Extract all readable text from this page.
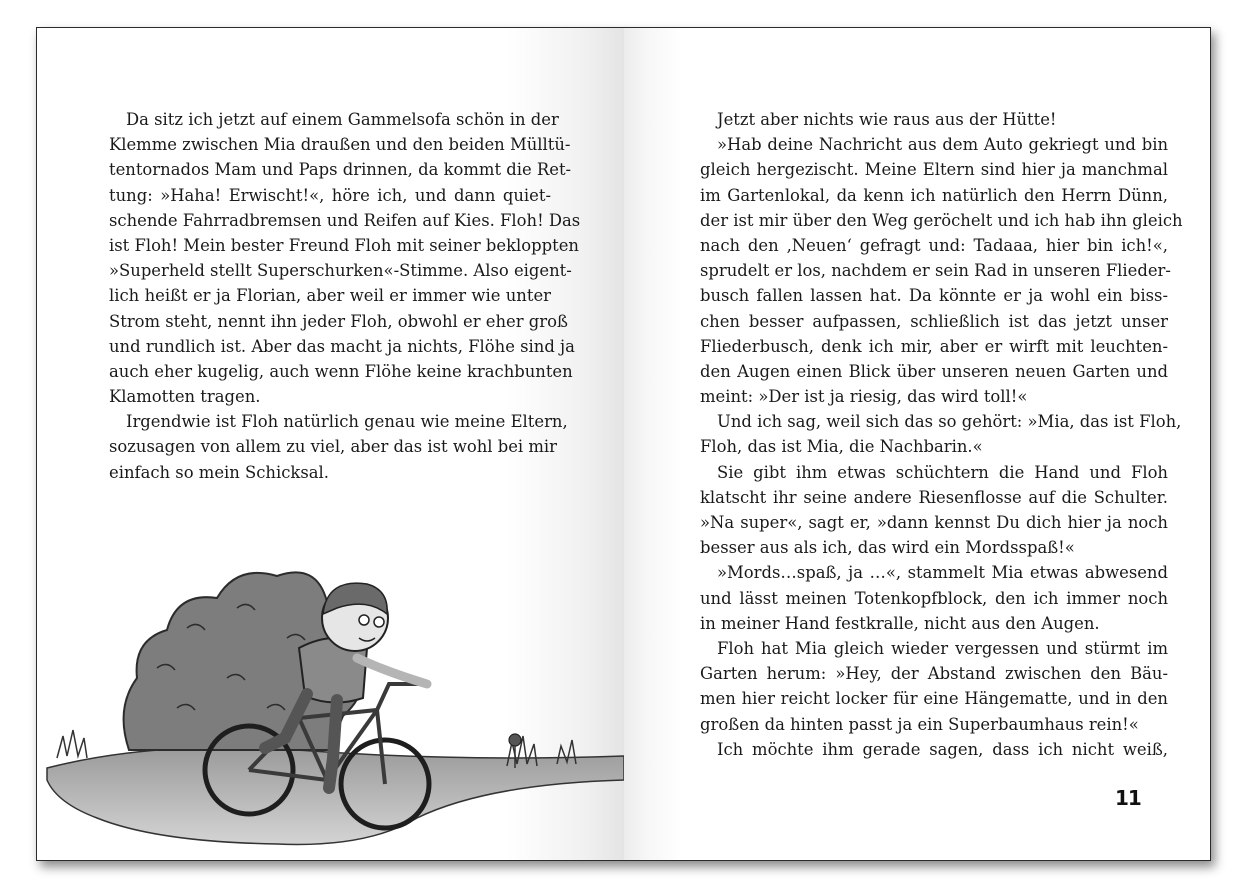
Da sitz ich jetzt auf einem Gammelsofa schön in der
Klemme zwischen Mia draußen und den beiden Mülltü-
tentornados Mam und Paps drinnen, da kommt die Ret-
tung: »Haha! Erwischt!«, höre ich, und dann quiet-
schende Fahrradbremsen und Reifen auf Kies. Floh! Das
ist Floh! Mein bester Freund Floh mit seiner bekloppten
»Superheld stellt Superschurken«-Stimme. Also eigent-
lich heißt er ja Florian, aber weil er immer wie unter
Strom steht, nennt ihn jeder Floh, obwohl er eher groß
und rundlich ist. Aber das macht ja nichts, Flöhe sind ja
auch eher kugelig, auch wenn Flöhe keine krachbunten
Klamotten tragen.
Irgendwie ist Floh natürlich genau wie meine Eltern,
sozusagen von allem zu viel, aber das ist wohl bei mir
einfach so mein Schicksal.
Jetzt aber nichts wie raus aus der Hütte!
»Hab deine Nachricht aus dem Auto gekriegt und bin
gleich hergezischt. Meine Eltern sind hier ja manchmal
im Gartenlokal, da kenn ich natürlich den Herrn Dünn,
der ist mir über den Weg geröchelt und ich hab ihn gleich
nach den ‚Neuen‘ gefragt und: Tadaaa, hier bin ich!«,
sprudelt er los, nachdem er sein Rad in unseren Flieder-
busch fallen lassen hat. Da könnte er ja wohl ein biss-
chen besser aufpassen, schließlich ist das jetzt unser
Fliederbusch, denk ich mir, aber er wirft mit leuchten-
den Augen einen Blick über unseren neuen Garten und
meint: »Der ist ja riesig, das wird toll!«
Und ich sag, weil sich das so gehört: »Mia, das ist Floh,
Floh, das ist Mia, die Nachbarin.«
Sie gibt ihm etwas schüchtern die Hand und Floh
klatscht ihr seine andere Riesenflosse auf die Schulter.
»Na super«, sagt er, »dann kennst Du dich hier ja noch
besser aus als ich, das wird ein Mordsspaß!«
»Mords…spaß, ja …«, stammelt Mia etwas abwesend
und lässt meinen Totenkopfblock, den ich immer noch
in meiner Hand festkralle, nicht aus den Augen.
Floh hat Mia gleich wieder vergessen und stürmt im
Garten herum: »Hey, der Abstand zwischen den Bäu-
men hier reicht locker für eine Hängematte, und in den
großen da hinten passt ja ein Superbaumhaus rein!«
Ich möchte ihm gerade sagen, dass ich nicht weiß,
11
